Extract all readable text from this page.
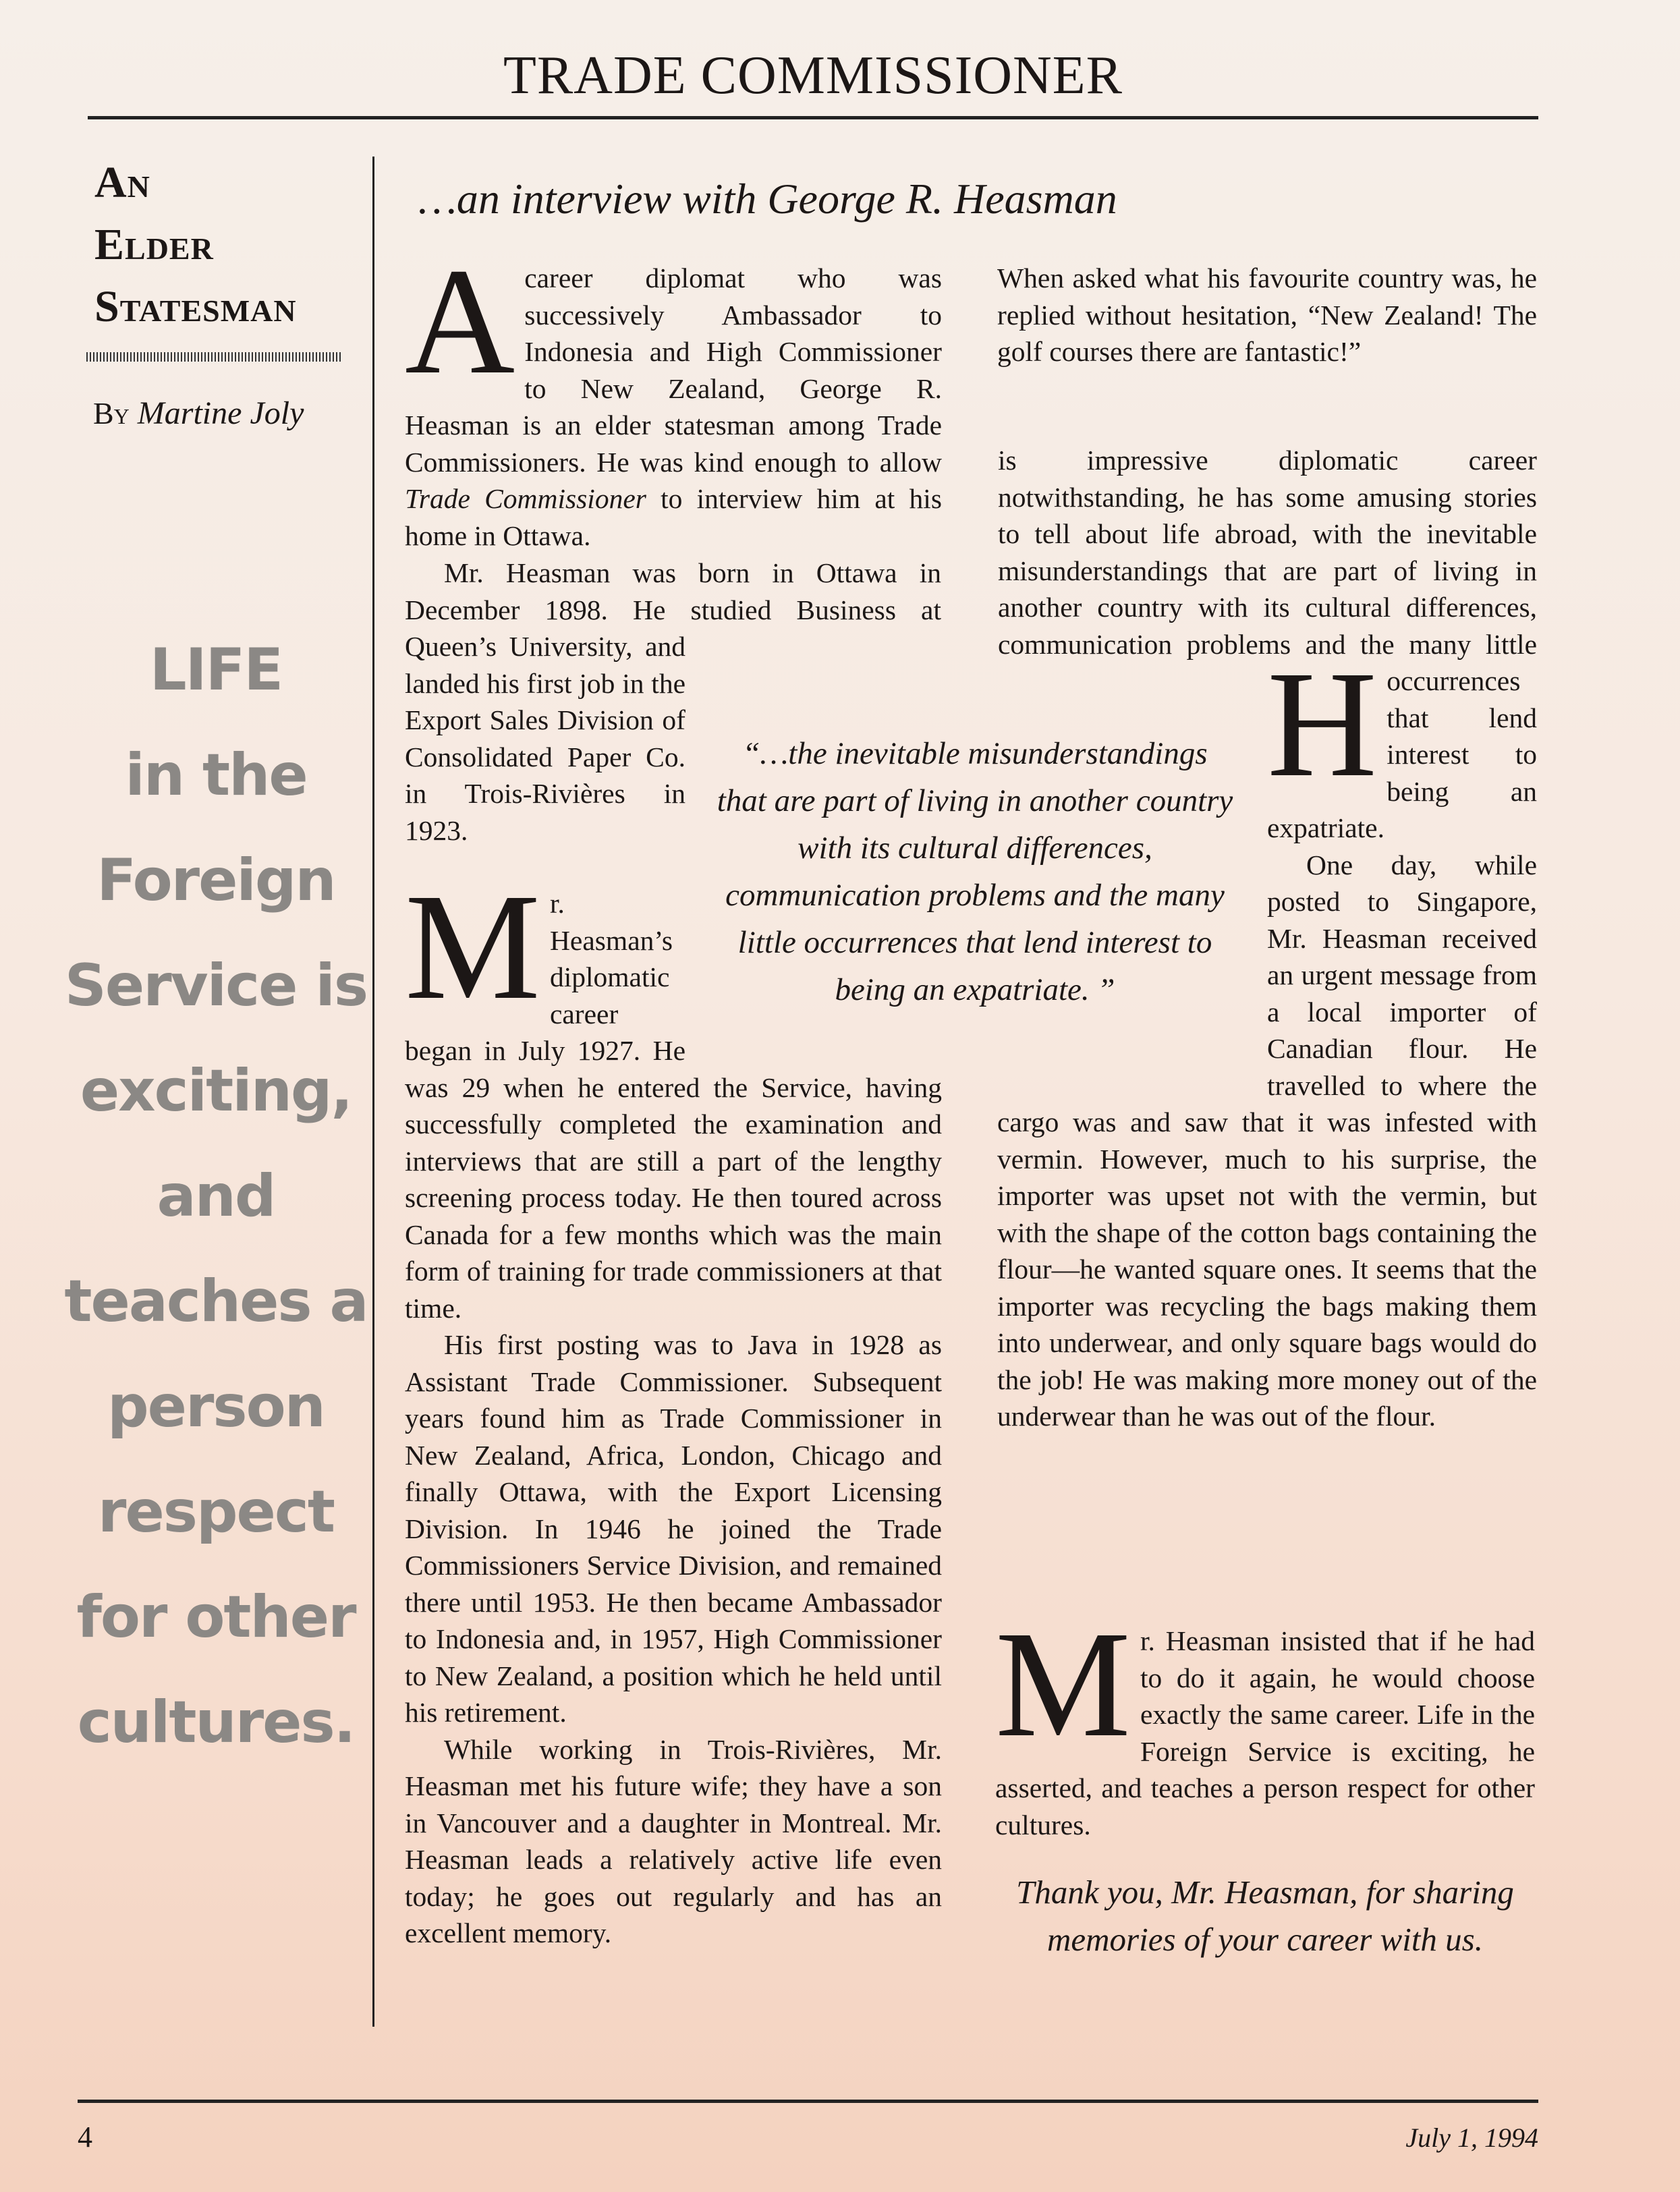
TRADE COMMISSIONER
An
Elder
Statesman
By Martine Joly
LIFE
in the
Foreign
Service is
exciting,
and
teaches a
person
respect
for other
cultures.
…an interview with George R. Heasman

Acareer diplomat who was successively Ambassador to Indonesia and High Commissioner to New Zealand, George R. Heasman is an elder statesman among Trade Commissioners. He was kind enough to allow Trade Commissioner to interview him at his home in Ottawa.

Mr. Heasman was born in Ottawa in December 1898. He studied Business at Queen’s University, and landed his first job in the Export Sales Division of Consolidated Paper Co. in Trois-Rivières in 1923.

Mr. Heasman’s diplomatic career began in July 1927. He was 29 when he entered the Service, having successfully completed the examination and interviews that are still a part of the lengthy screening process today. He then toured across Canada for a few months which was the main form of training for trade commissioners at that time.

His first posting was to Java in 1928 as Assistant Trade Commissioner. Subsequent years found him as Trade Commissioner in New Zealand, Africa, London, Chicago and finally Ottawa, with the Export Licensing Division. In 1946 he joined the Trade Commissioners Service Division, and remained there until 1953. He then became Ambassador to Indonesia and, in 1957, High Commissioner to New Zealand, a position which he held until his retirement.

While working in Trois-Rivières, Mr. Heasman met his future wife; they have a son in Vancouver and a daughter in Montreal. Mr. Heasman leads a relatively active life even today; he goes out regularly and has an excellent memory.

When asked what his favourite country was, he replied without hesitation, “New Zealand! The golf courses there are fantastic!”

H
is impressive diplomatic career notwithstanding, he has some amusing stories to tell about life abroad, with the inevitable misunderstandings that are part of living in another country with its cultural differences, communication problems and the many little occurrences that lend interest to being an expatriate.

One day, while posted to Singapore, Mr. Heasman received an urgent message from a local importer of Canadian flour. He travelled to where the cargo was and saw that it was infested with vermin. However, much to his surprise, the importer was upset not with the vermin, but with the shape of the cotton bags containing the flour—he wanted square ones. It seems that the importer was recycling the bags making them into underwear, and only square bags would do the job! He was making more money out of the underwear than he was out of the flour.

Mr. Heasman insisted that if he had to do it again, he would choose exactly the same career. Life in the Foreign Service is exciting, he asserted, and teaches a person respect for other cultures.

“…the inevitable misunderstandings that are part of living in another country with its cultural differences, communication problems and the many little occurrences that lend interest to being an expatriate. ”
Thank you, Mr. Heasman, for sharing memories of your career with us.
4	July 1, 1994
